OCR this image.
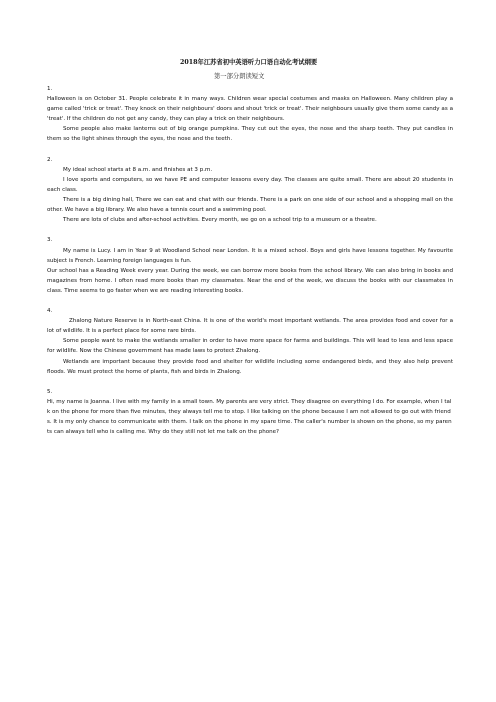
2018年江苏省初中英语听力口语自动化考试纲要
第一部分朗读短文
1.

Halloween is on October 31. People celebrate it in many ways. Children wear special costumes and masks on Halloween. Many children play a game called 'trick or treat'. They knock on their neighbours' doors and shout 'trick or treat'. Their neighbours usually give them some candy as a 'treat'. If the children do not get any candy, they can play a trick on their neighbours.

Some people also make lanterns out of big orange pumpkins. They cut out the eyes, the nose and the sharp teeth. They put candles in them so the light shines through the eyes, the nose and the teeth.

2.

My ideal school starts at 8 a.m. and finishes at 3 p.m.

I love sports and computers, so we have PE and computer lessons every day. The classes are quite small. There are about 20 students in each class.

There is a big dining hall, There we can eat and chat with our friends. There is a park on one side of our school and a shopping mall on the other. We have a big library. We also have a tennis court and a swimming pool.

There are lots of clubs and after-school activities. Every month, we go on a school trip to a museum or a theatre.

3.

My name is Lucy. I am in Year 9 at Woodland School near London. It is a mixed school. Boys and girls have lessons together. My favourite subject is French. Learning foreign languages is fun.

Our school has a Reading Week every year. During the week, we can borrow more books from the school library. We can also bring in books and magazines from home. I often read more books than my classmates. Near the end of the week, we discuss the books with our classmates in class. Time seems to go faster when we are reading interesting books.

4.

Zhalong Nature Reserve is in North-east China. It is one of the world's most important wetlands. The area provides food and cover for a lot of wildlife. It is a perfect place for some rare birds.

Some people want to make the wetlands smaller in order to have more space for farms and buildings. This will lead to less and less space for wildlife. Now the Chinese government has made laws to protect Zhalong.

Wetlands are important because they provide food and shelter for wildlife including some endangered birds, and they also help prevent floods. We must protect the home of plants, fish and birds in Zhalong.

5.

Hi, my name is Joanna. I live with my family in a small town. My parents are very strict. They disagree on everything I do. For example, when I talk on the phone for more than five minutes, they always tell me to stop. I like talking on the phone because I am not allowed to go out with friends. It is my only chance to communicate with them. I talk on the phone in my spare time. The caller's number is shown on the phone, so my parents can always tell who is calling me. Why do they still not let me talk on the phone?
